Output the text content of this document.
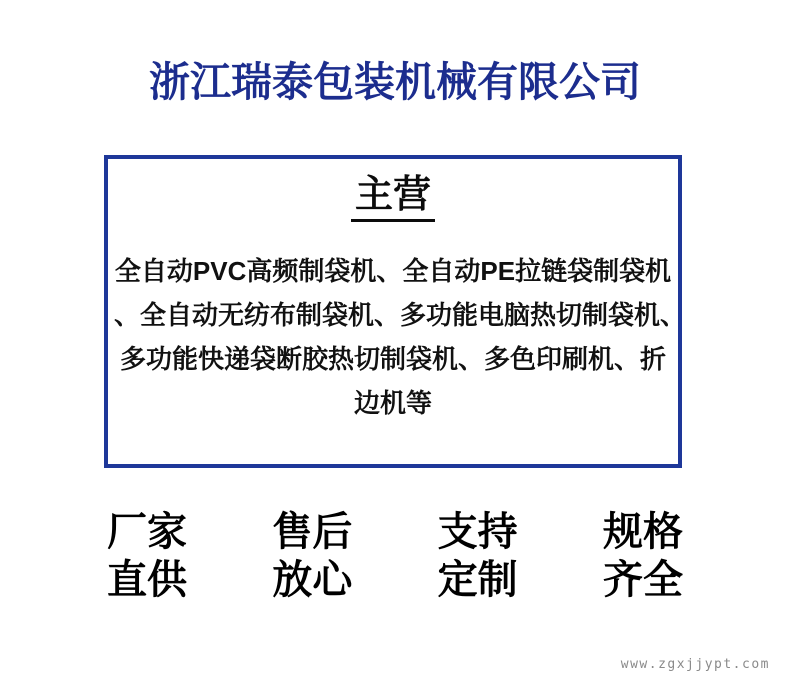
浙江瑞泰包装机械有限公司
主营
全自动PVC高频制袋机、全自动PE拉链袋制袋机
、全自动无纺布制袋机、多功能电脑热切制袋机、
多功能快递袋断胶热切制袋机、多色印刷机、折
边机等
厂家
直供
售后
放心
支持
定制
规格
齐全
www.zgxjjypt.com
